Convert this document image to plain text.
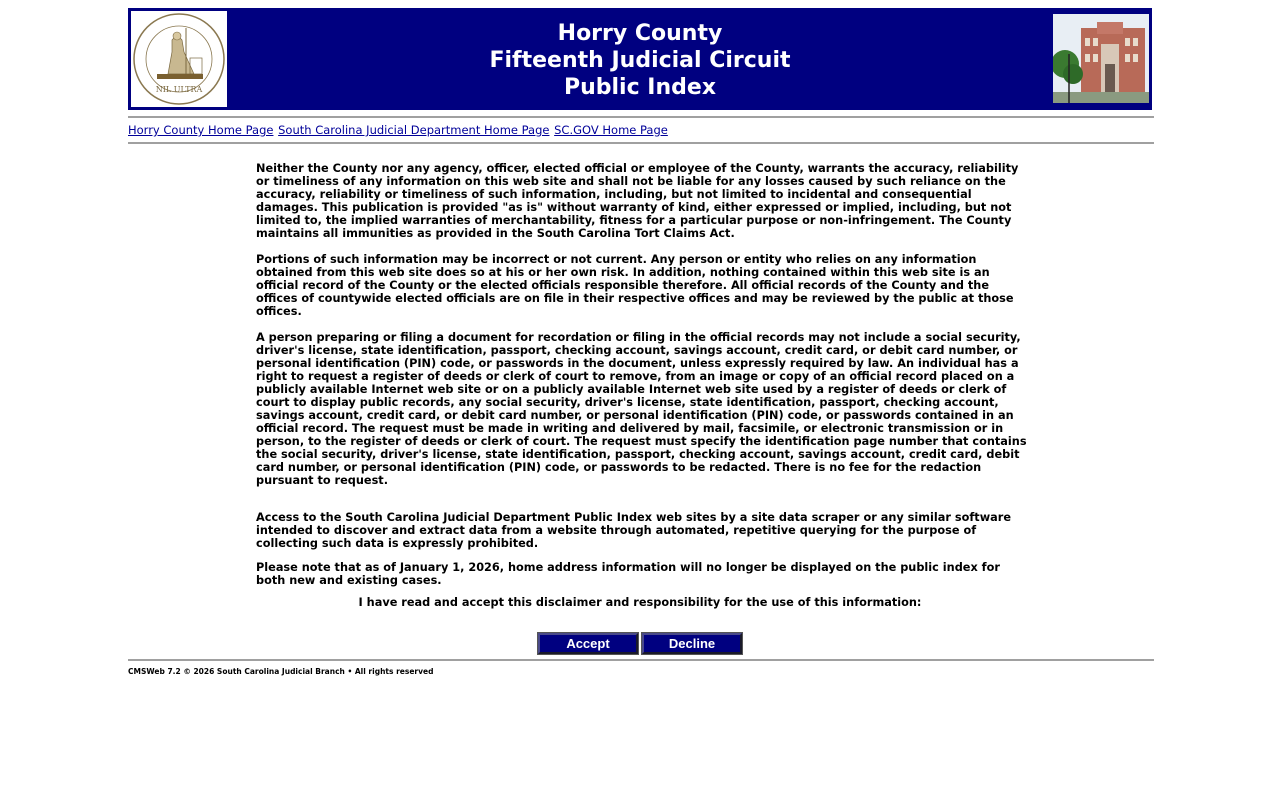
NIL ULTRA
Horry County
Fifteenth Judicial Circuit
Public Index
Horry County Home Page South Carolina Judicial Department Home Page SC.GOV Home Page

Neither the County nor any agency, officer, elected official or employee of the County, warrants the accuracy, reliability or timeliness of any information on this web site and shall not be liable for any losses caused by such reliance on the accuracy, reliability or timeliness of such information, including, but not limited to incidental and consequential damages. This publication is provided "as is" without warranty of kind, either expressed or implied, including, but not limited to, the implied warranties of merchantability, fitness for a particular purpose or non-infringement. The County maintains all immunities as provided in the South Carolina Tort Claims Act.

Portions of such information may be incorrect or not current. Any person or entity who relies on any information obtained from this web site does so at his or her own risk. In addition, nothing contained within this web site is an official record of the County or the elected officials responsible therefore. All official records of the County and the offices of countywide elected officials are on file in their respective offices and may be reviewed by the public at those offices.

A person preparing or filing a document for recordation or filing in the official records may not include a social security, driver's license, state identification, passport, checking account, savings account, credit card, or debit card number, or personal identification (PIN) code, or passwords in the document, unless expressly required by law. An individual has a right to request a register of deeds or clerk of court to remove, from an image or copy of an official record placed on a publicly available Internet web site or on a publicly available Internet web site used by a register of deeds or clerk of court to display public records, any social security, driver's license, state identification, passport, checking account, savings account, credit card, or debit card number, or personal identification (PIN) code, or passwords contained in an official record. The request must be made in writing and delivered by mail, facsimile, or electronic transmission or in person, to the register of deeds or clerk of court. The request must specify the identification page number that contains the social security, driver's license, state identification, passport, checking account, savings account, credit card, debit card number, or personal identification (PIN) code, or passwords to be redacted. There is no fee for the redaction pursuant to request.

Access to the South Carolina Judicial Department Public Index web sites by a site data scraper or any similar software intended to discover and extract data from a website through automated, repetitive querying for the purpose of collecting such data is expressly prohibited.

Please note that as of January 1, 2026, home address information will no longer be displayed on the public index for both new and existing cases.

I have read and accept this disclaimer and responsibility for the use of this information:
Accept	Decline
CMSWeb 7.2 © 2026 South Carolina Judicial Branch • All rights reserved
